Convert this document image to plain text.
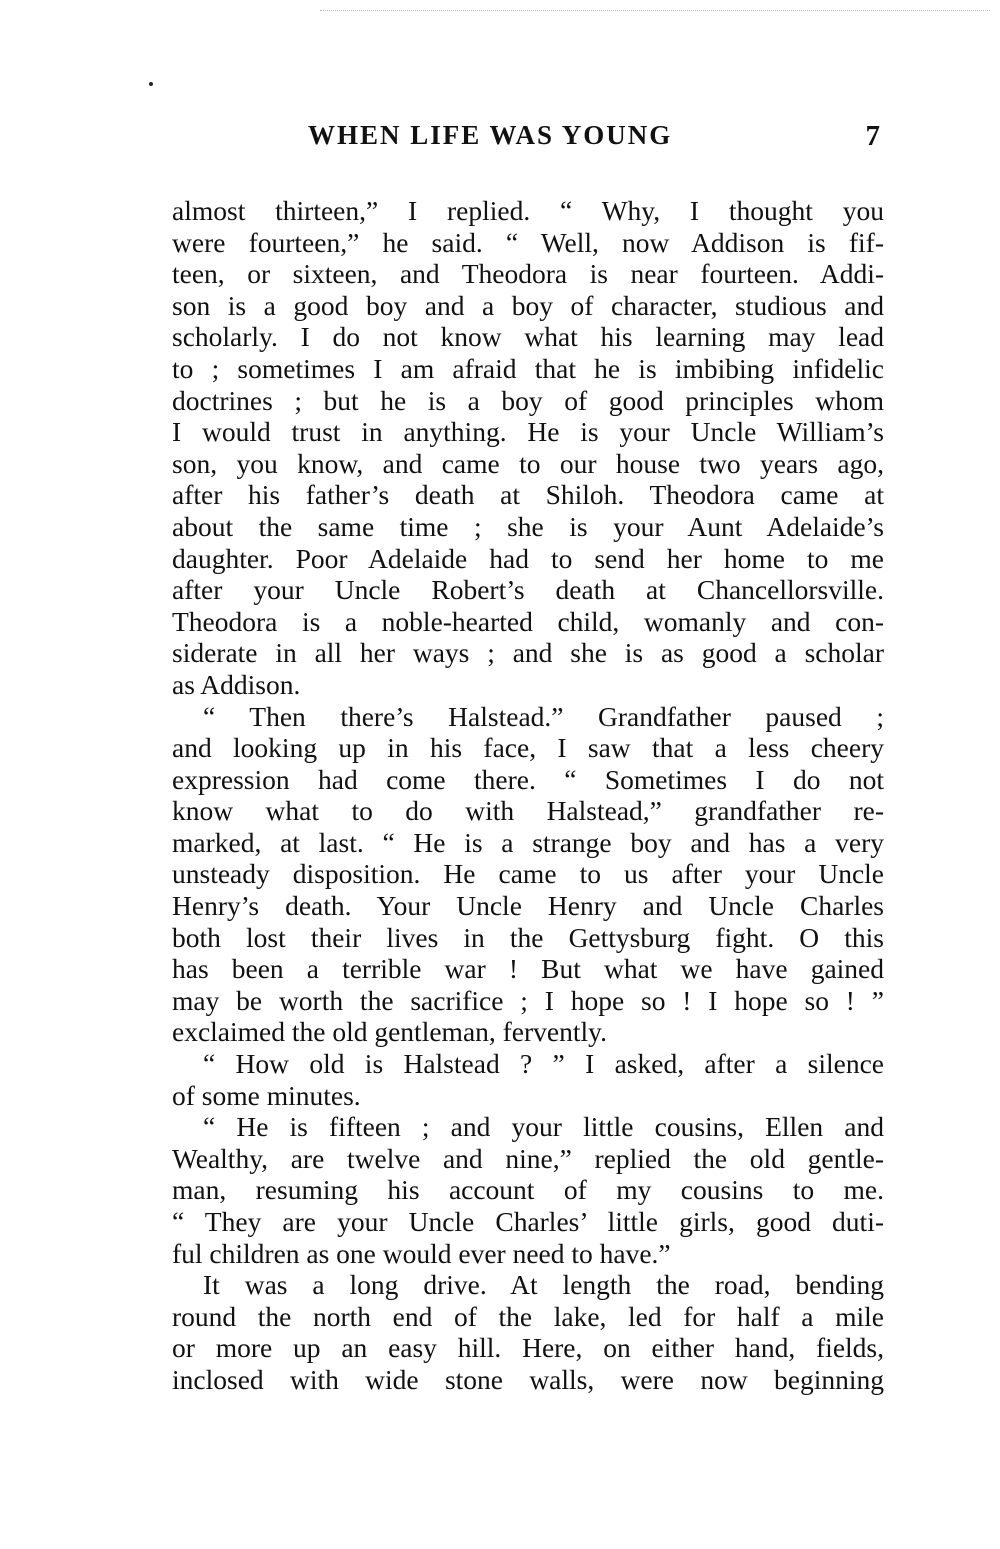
WHEN LIFE WAS YOUNG	7
almost thirteen,” I replied. “ Why, I thought you
were fourteen,” he said. “ Well, now Addison is fif-
teen, or sixteen, and Theodora is near fourteen. Addi-
son is a good boy and a boy of character, studious and
scholarly. I do not know what his learning may lead
to ; sometimes I am afraid that he is imbibing infidelic
doctrines ; but he is a boy of good principles whom
I would trust in anything. He is your Uncle William’s
son, you know, and came to our house two years ago,
after his father’s death at Shiloh. Theodora came at
about the same time ; she is your Aunt Adelaide’s
daughter. Poor Adelaide had to send her home to me
after your Uncle Robert’s death at Chancellorsville.
Theodora is a noble-hearted child, womanly and con-
siderate in all her ways ; and she is as good a scholar
as Addison.
“ Then there’s Halstead.” Grandfather paused ;
and looking up in his face, I saw that a less cheery
expression had come there. “ Sometimes I do not
know what to do with Halstead,” grandfather re-
marked, at last. “ He is a strange boy and has a very
unsteady disposition. He came to us after your Uncle
Henry’s death. Your Uncle Henry and Uncle Charles
both lost their lives in the Gettysburg fight. O this
has been a terrible war ! But what we have gained
may be worth the sacrifice ; I hope so ! I hope so ! ”
exclaimed the old gentleman, fervently.
“ How old is Halstead ? ” I asked, after a silence
of some minutes.
“ He is fifteen ; and your little cousins, Ellen and
Wealthy, are twelve and nine,” replied the old gentle-
man, resuming his account of my cousins to me.
“ They are your Uncle Charles’ little girls, good duti-
ful children as one would ever need to have.”
It was a long drive. At length the road, bending
round the north end of the lake, led for half a mile
or more up an easy hill. Here, on either hand, fields,
inclosed with wide stone walls, were now beginning
